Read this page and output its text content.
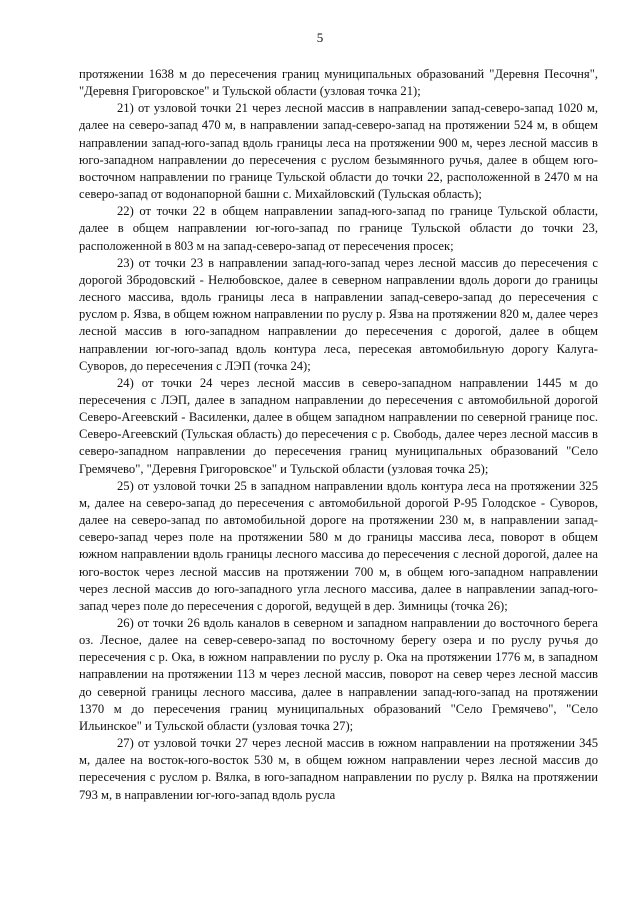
5

протяжении 1638 м до пересечения границ муниципальных образований "Деревня Песочня", "Деревня Григоровское" и Тульской области (узловая точка 21);

21) от узловой точки 21 через лесной массив в направлении запад-северо-запад 1020 м, далее на северо-запад 470 м, в направлении запад-северо-запад на протяжении 524 м, в общем направлении запад-юго-запад вдоль границы леса на протяжении 900 м, через лесной массив в юго-западном направлении до пересечения с руслом безымянного ручья, далее в общем юго-восточном направлении по границе Тульской области до точки 22, расположенной в 2470 м на северо-запад от водонапорной башни с. Михайловский (Тульская область);

22) от точки 22 в общем направлении запад-юго-запад по границе Тульской области, далее в общем направлении юг-юго-запад по границе Тульской области до точки 23, расположенной в 803 м на запад-северо-запад от пересечения просек;

23) от точки 23 в направлении запад-юго-запад через лесной массив до пересечения с дорогой Збродовский - Нелюбовское, далее в северном направлении вдоль дороги до границы лесного массива, вдоль границы леса в направлении запад-северо-запад до пересечения с руслом р. Язва, в общем южном направлении по руслу р. Язва на протяжении 820 м, далее через лесной массив в юго-западном направлении до пересечения с дорогой, далее в общем направлении юг-юго-запад вдоль контура леса, пересекая автомобильную дорогу Калуга-Суворов, до пересечения с ЛЭП (точка 24);

24) от точки 24 через лесной массив в северо-западном направлении 1445 м до пересечения с ЛЭП, далее в западном направлении до пересечения с автомобильной дорогой Северо-Агеевский - Василенки, далее в общем западном направлении по северной границе пос. Северо-Агеевский (Тульская область) до пересечения с р. Свободь, далее через лесной массив в северо-западном направлении до пересечения границ муниципальных образований "Село Гремячево", "Деревня Григоровское" и Тульской области (узловая точка 25);

25) от узловой точки 25 в западном направлении вдоль контура леса на протяжении 325 м, далее на северо-запад до пересечения с автомобильной дорогой Р-95 Голодское - Суворов, далее на северо-запад по автомобильной дороге на протяжении 230 м, в направлении запад-северо-запад через поле на протяжении 580 м до границы массива леса, поворот в общем южном направлении вдоль границы лесного массива до пересечения с лесной дорогой, далее на юго-восток через лесной массив на протяжении 700 м, в общем юго-западном направлении через лесной массив до юго-западного угла лесного массива, далее в направлении запад-юго-запад через поле до пересечения с дорогой, ведущей в дер. Зимницы (точка 26);

26) от точки 26 вдоль каналов в северном и западном направлении до восточного берега оз. Лесное, далее на север-северо-запад по восточному берегу озера и по руслу ручья до пересечения с р. Ока, в южном направлении по руслу р. Ока на протяжении 1776 м, в западном направлении на протяжении 113 м через лесной массив, поворот на север через лесной массив до северной границы лесного массива, далее в направлении запад-юго-запад на протяжении 1370 м до пересечения границ муниципальных образований "Село Гремячево", "Село Ильинское" и Тульской области (узловая точка 27);

27) от узловой точки 27 через лесной массив в южном направлении на протяжении 345 м, далее на восток-юго-восток 530 м, в общем южном направлении через лесной массив до пересечения с руслом р. Вялка, в юго-западном направлении по руслу р. Вялка на протяжении 793 м, в направлении юг-юго-запад вдоль русла
